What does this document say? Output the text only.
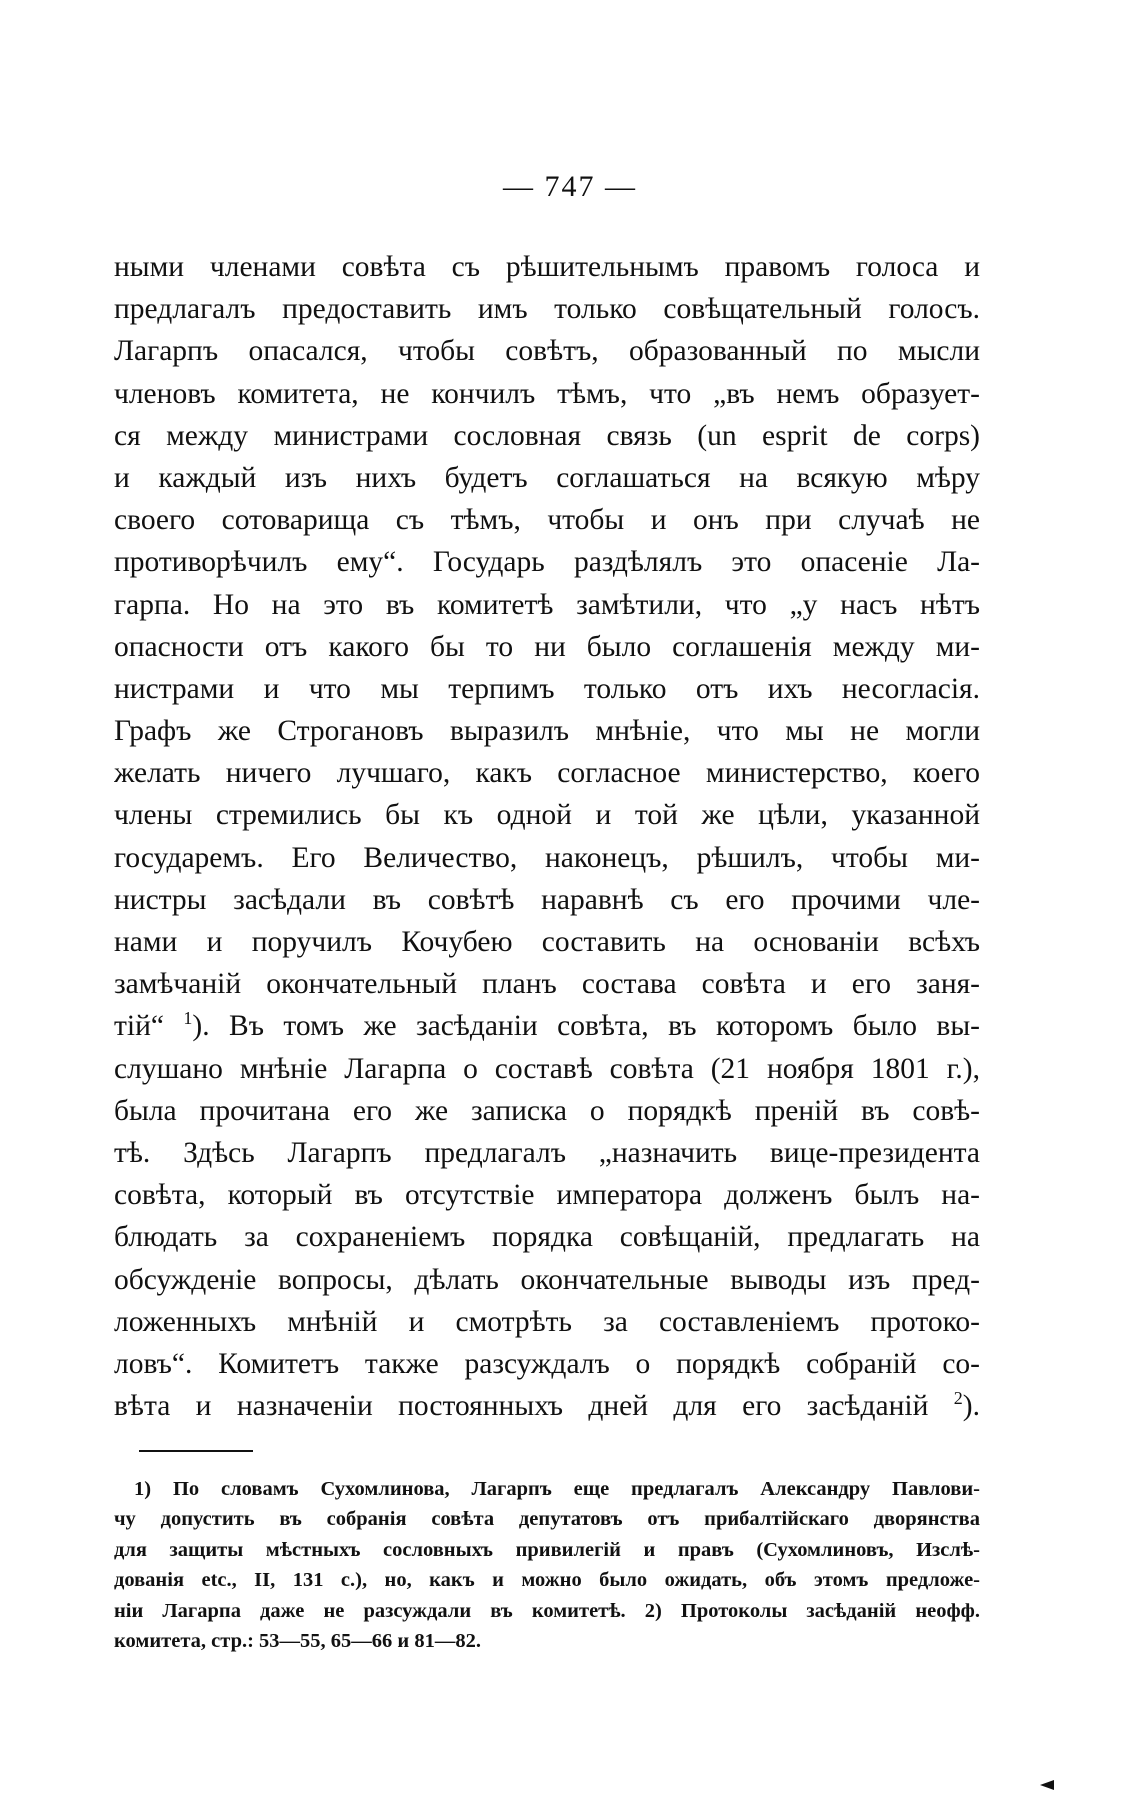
— 747 —
ными членами совѣта съ рѣшительнымъ правомъ голоса и
предлагалъ предоставить имъ только совѣщательный голосъ.
Лагарпъ опасался, чтобы совѣтъ, образованный по мысли
членовъ комитета, не кончилъ тѣмъ, что „въ немъ образует-
ся между министрами сословная связь (un esprit de corps)
и каждый изъ нихъ будетъ соглашаться на всякую мѣру
своего сотоварища съ тѣмъ, чтобы и онъ при случаѣ не
противорѣчилъ ему“. Государь раздѣлялъ это опасеніе Ла-
гарпа. Но на это въ комитетѣ замѣтили, что „у насъ нѣтъ
опасности отъ какого бы то ни было соглашенія между ми-
нистрами и что мы терпимъ только отъ ихъ несогласія.
Графъ же Строгановъ выразилъ мнѣніе, что мы не могли
желать ничего лучшаго, какъ согласное министерство, коего
члены стремились бы къ одной и той же цѣли, указанной
государемъ. Его Величество, наконецъ, рѣшилъ, чтобы ми-
нистры засѣдали въ совѣтѣ наравнѣ съ его прочими чле-
нами и поручилъ Кочубею составить на основаніи всѣхъ
замѣчаній окончательный планъ состава совѣта и его заня-
тій“ $^1$). Въ томъ же засѣданіи совѣта, въ которомъ было вы-
слушано мнѣніе Лагарпа о составѣ совѣта (21 ноября 1801 г.),
была прочитана его же записка о порядкѣ преній въ совѣ-
тѣ. Здѣсь Лагарпъ предлагалъ „назначить вице-президента
совѣта, который въ отсутствіе императора долженъ былъ на-
блюдать за сохраненіемъ порядка совѣщаній, предлагать на
обсужденіе вопросы, дѣлать окончательные выводы изъ пред-
ложенныхъ мнѣній и смотрѣть за составленіемъ протоко-
ловъ“. Комитетъ также разсуждалъ о порядкѣ собраній со-
вѣта и назначеніи постоянныхъ дней для его засѣданій $^2$).
1) По словамъ Сухомлинова, Лагарпъ еще предлагалъ Александру Павлови-
чу допустить въ собранія совѣта депутатовъ отъ прибалтійскаго дворянства
для защиты мѣстныхъ сословныхъ привилегій и правъ (Сухомлиновъ, Изслѣ-
дованія etc., II, 131 с.), но, какъ и можно было ожидать, объ этомъ предложе-
ніи Лагарпа даже не разсуждали въ комитетѣ. 2) Протоколы засѣданій неофф.
комитета, стр.: 53—55, 65—66 и 81—82.
